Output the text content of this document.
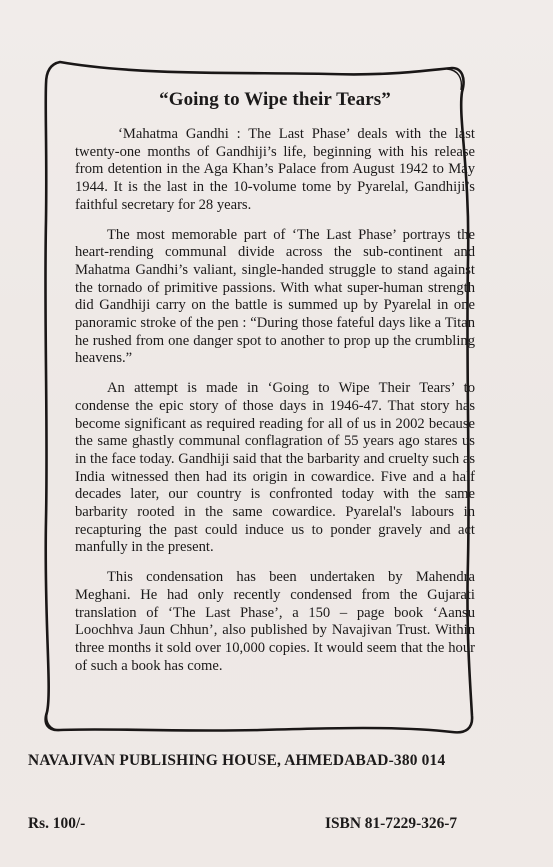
“Going to Wipe their Tears”

‘Mahatma Gandhi : The Last Phase’ deals with the last twenty-one months of Gandhiji’s life, beginning with his release from detention in the Aga Khan’s Palace from August 1942 to May 1944. It is the last in the 10-volume tome by Pyarelal, Gandhiji’s faithful secretary for 28 years.

The most memorable part of ‘The Last Phase’ portrays the heart-rending communal divide across the sub-continent and Mahatma Gandhi’s valiant, single-handed struggle to stand against the tornado of primitive passions. With what super-human strength did Gandhiji carry on the battle is summed up by Pyarelal in one panoramic stroke of the pen : “During those fateful days like a Titan he rushed from one danger spot to another to prop up the crumbling heavens.”

An attempt is made in ‘Going to Wipe Their Tears’ to condense the epic story of those days in 1946-47. That story has become significant as required reading for all of us in 2002 because the same ghastly communal conflagration of 55 years ago stares us in the face today. Gandhiji said that the barbarity and cruelty such as India witnessed then had its origin in cowardice. Five and a half decades later, our country is confronted today with the same barbarity rooted in the same cowardice. Pyarelal's labours in recapturing the past could induce us to ponder gravely and act manfully in the present.

This condensation has been undertaken by Mahendra Meghani. He had only recently condensed from the Gujarati translation of ‘The Last Phase’, a 150 – page book ‘Aansu Loochhva Jaun Chhun’, also published by Navajivan Trust. Within three months it sold over 10,000 copies. It would seem that the hour of such a book has come.

NAVAJIVAN PUBLISHING HOUSE, AHMEDABAD-380 014
Rs. 100/-	ISBN 81-7229-326-7
